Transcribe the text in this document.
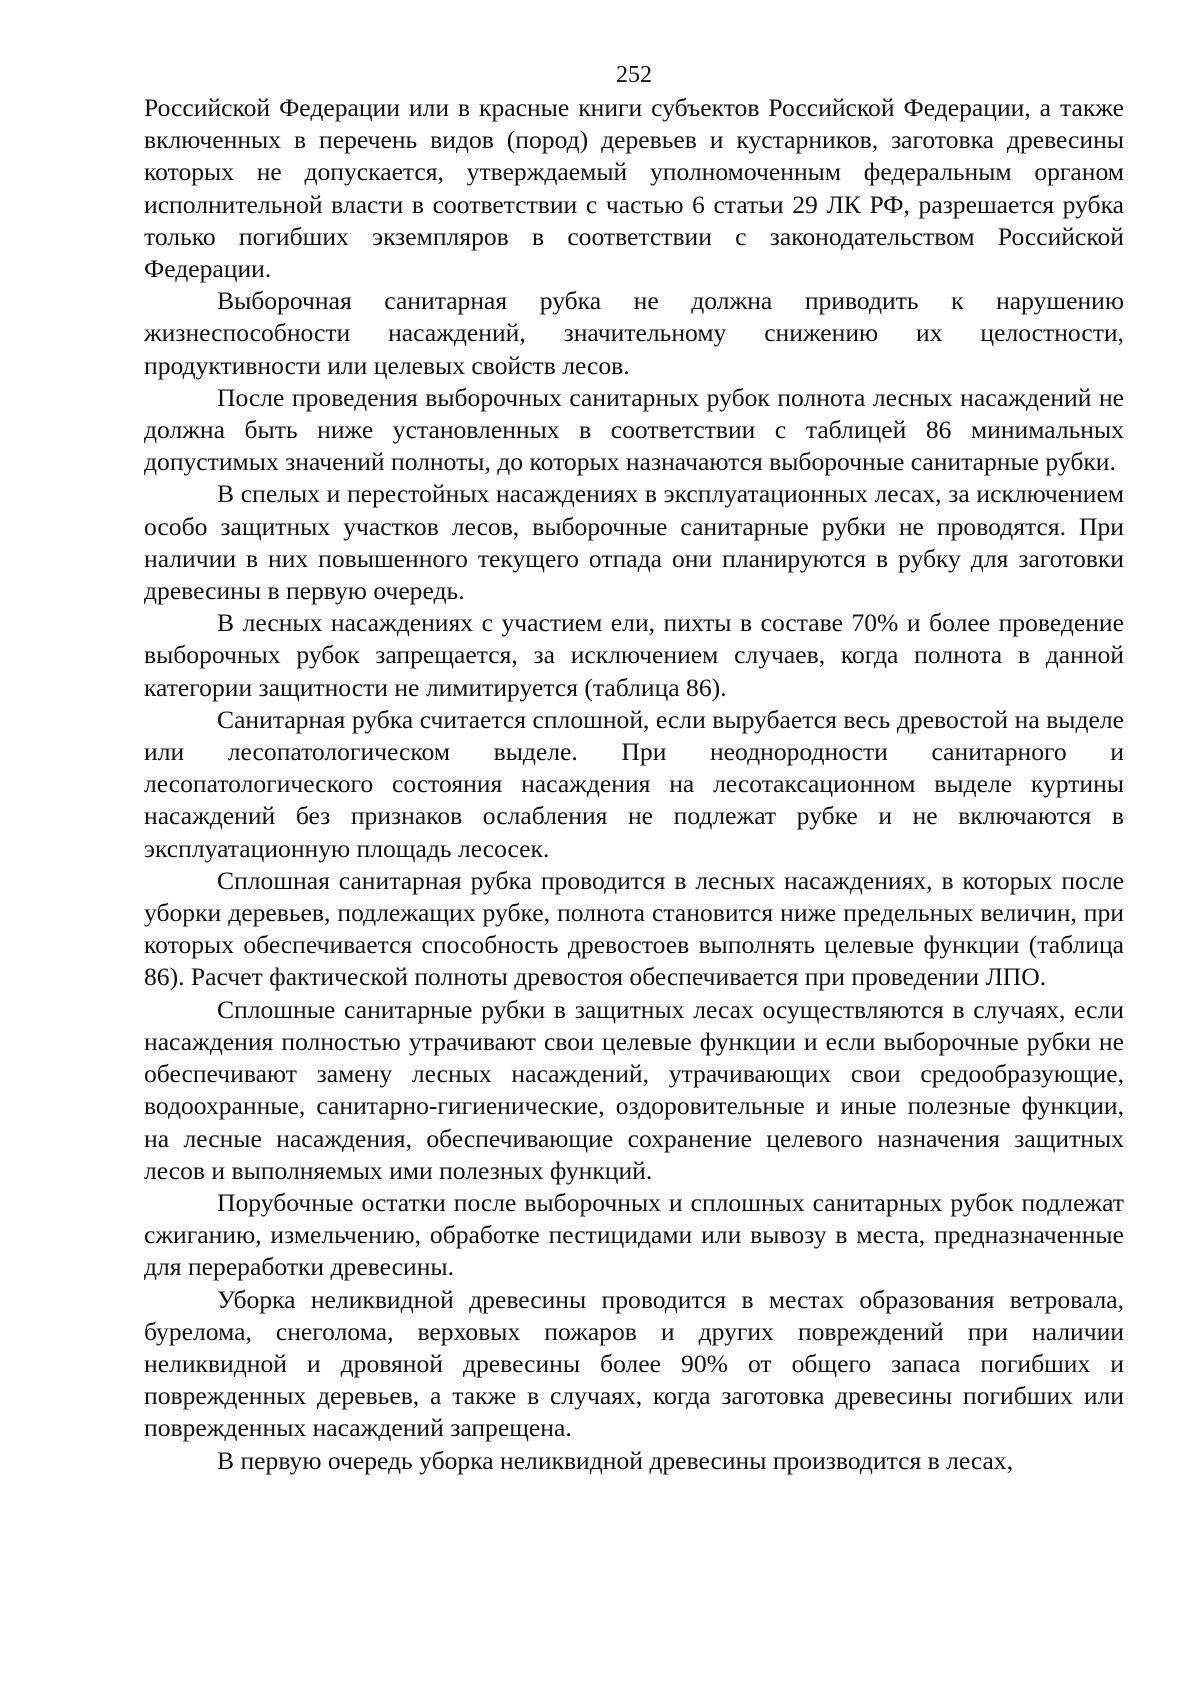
252

Российской Федерации или в красные книги субъектов Российской Федерации, а также включенных в перечень видов (пород) деревьев и кустарников, заготовка древесины которых не допускается, утверждаемый уполномоченным федеральным органом исполнительной власти в соответствии с частью 6 статьи 29 ЛК РФ, разрешается рубка только погибших экземпляров в соответствии с законодательством Российской Федерации.

Выборочная санитарная рубка не должна приводить к нарушению жизнеспособности насаждений, значительному снижению их целостности, продуктивности или целевых свойств лесов.

После проведения выборочных санитарных рубок полнота лесных насаждений не должна быть ниже установленных в соответствии с таблицей 86 минимальных допустимых значений полноты, до которых назначаются выборочные санитарные рубки.

В спелых и перестойных насаждениях в эксплуатационных лесах, за исключением особо защитных участков лесов, выборочные санитарные рубки не проводятся. При наличии в них повышенного текущего отпада они планируются в рубку для заготовки древесины в первую очередь.

В лесных насаждениях с участием ели, пихты в составе 70% и более проведение выборочных рубок запрещается, за исключением случаев, когда полнота в данной категории защитности не лимитируется (таблица 86).

Санитарная рубка считается сплошной, если вырубается весь древостой на выделе или лесопатологическом выделе. При неоднородности санитарного и лесопатологического состояния насаждения на лесотаксационном выделе куртины насаждений без признаков ослабления не подлежат рубке и не включаются в эксплуатационную площадь лесосек.

Сплошная санитарная рубка проводится в лесных насаждениях, в которых после уборки деревьев, подлежащих рубке, полнота становится ниже предельных величин, при которых обеспечивается способность древостоев выполнять целевые функции (таблица 86). Расчет фактической полноты древостоя обеспечивается при проведении ЛПО.

Сплошные санитарные рубки в защитных лесах осуществляются в случаях, если насаждения полностью утрачивают свои целевые функции и если выборочные рубки не обеспечивают замену лесных насаждений, утрачивающих свои средообразующие, водоохранные, санитарно-гигиенические, оздоровительные и иные полезные функции, на лесные насаждения, обеспечивающие сохранение целевого назначения защитных лесов и выполняемых ими полезных функций.

Порубочные остатки после выборочных и сплошных санитарных рубок подлежат сжиганию, измельчению, обработке пестицидами или вывозу в места, предназначенные для переработки древесины.

Уборка неликвидной древесины проводится в местах образования ветровала, бурелома, снеголома, верховых пожаров и других повреждений при наличии неликвидной и дровяной древесины более 90% от общего запаса погибших и поврежденных деревьев, а также в случаях, когда заготовка древесины погибших или поврежденных насаждений запрещена.

В первую очередь уборка неликвидной древесины производится в лесах,
